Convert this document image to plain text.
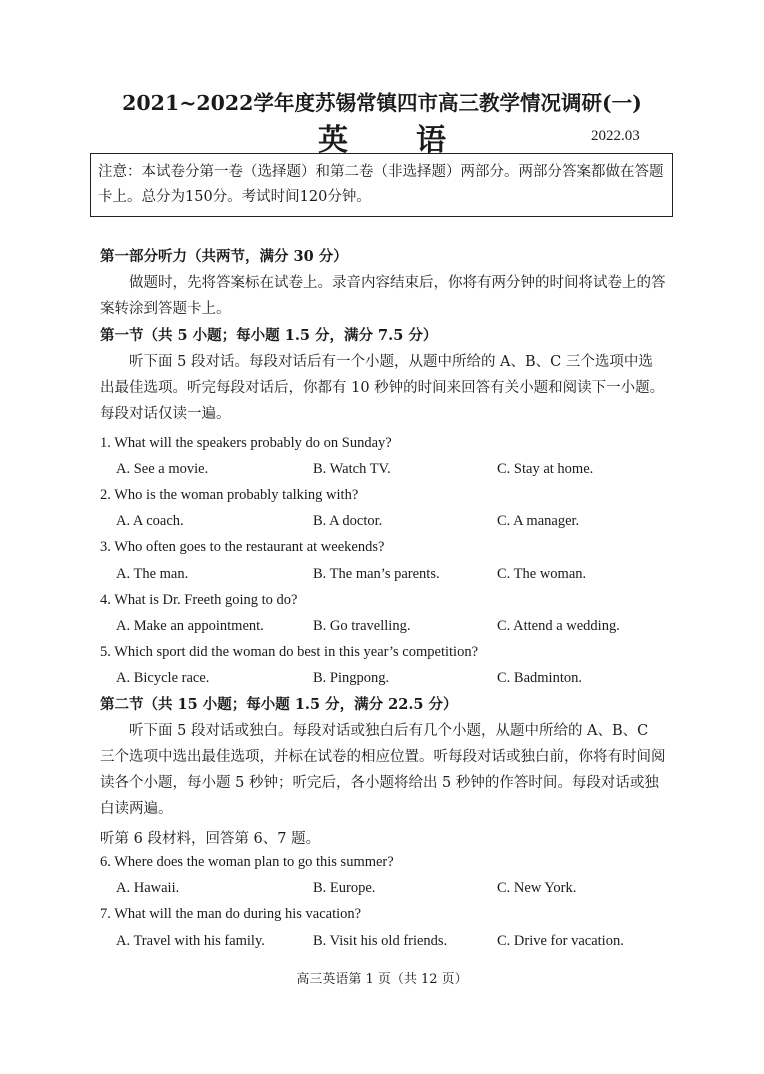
2021~2022学年度苏锡常镇四市高三教学情况调研(一)
英语	2022.03
注意：本试卷分第一卷（选择题）和第二卷（非选择题）两部分。两部分答案都做在答题卡上。总分为150分。考试时间120分钟。
第一部分听力（共两节，满分 30 分）
做题时，先将答案标在试卷上。录音内容结束后，你将有两分钟的时间将试卷上的答案转涂到答题卡上。
第一节（共 5 小题；每小题 1.5 分，满分 7.5 分）
听下面 5 段对话。每段对话后有一个小题，从题中所给的 A、B、C 三个选项中选出最佳选项。听完每段对话后，你都有 10 秒钟的时间来回答有关小题和阅读下一小题。每段对话仅读一遍。
1. What will the speakers probably do on Sunday?
A. See a movie.	B. Watch TV.	C. Stay at home.
2. Who is the woman probably talking with?
A. A coach.	B. A doctor.	C. A manager.
3. Who often goes to the restaurant at weekends?
A. The man.	B. The man’s parents.	C. The woman.
4. What is Dr. Freeth going to do?
A. Make an appointment.	B. Go travelling.	C. Attend a wedding.
5. Which sport did the woman do best in this year’s competition?
A. Bicycle race.	B. Pingpong.	C. Badminton.
第二节（共 15 小题；每小题 1.5 分，满分 22.5 分）
听下面 5 段对话或独白。每段对话或独白后有几个小题，从题中所给的 A、B、C 三个选项中选出最佳选项，并标在试卷的相应位置。听每段对话或独白前，你将有时间阅读各个小题，每小题 5 秒钟；听完后，各小题将给出 5 秒钟的作答时间。每段对话或独白读两遍。
听第 6 段材料，回答第 6、7 题。
6. Where does the woman plan to go this summer?
A. Hawaii.	B. Europe.	C. New York.
7. What will the man do during his vacation?
A. Travel with his family.	B. Visit his old friends.	C. Drive for vacation.
高三英语第 1 页（共 12 页）
